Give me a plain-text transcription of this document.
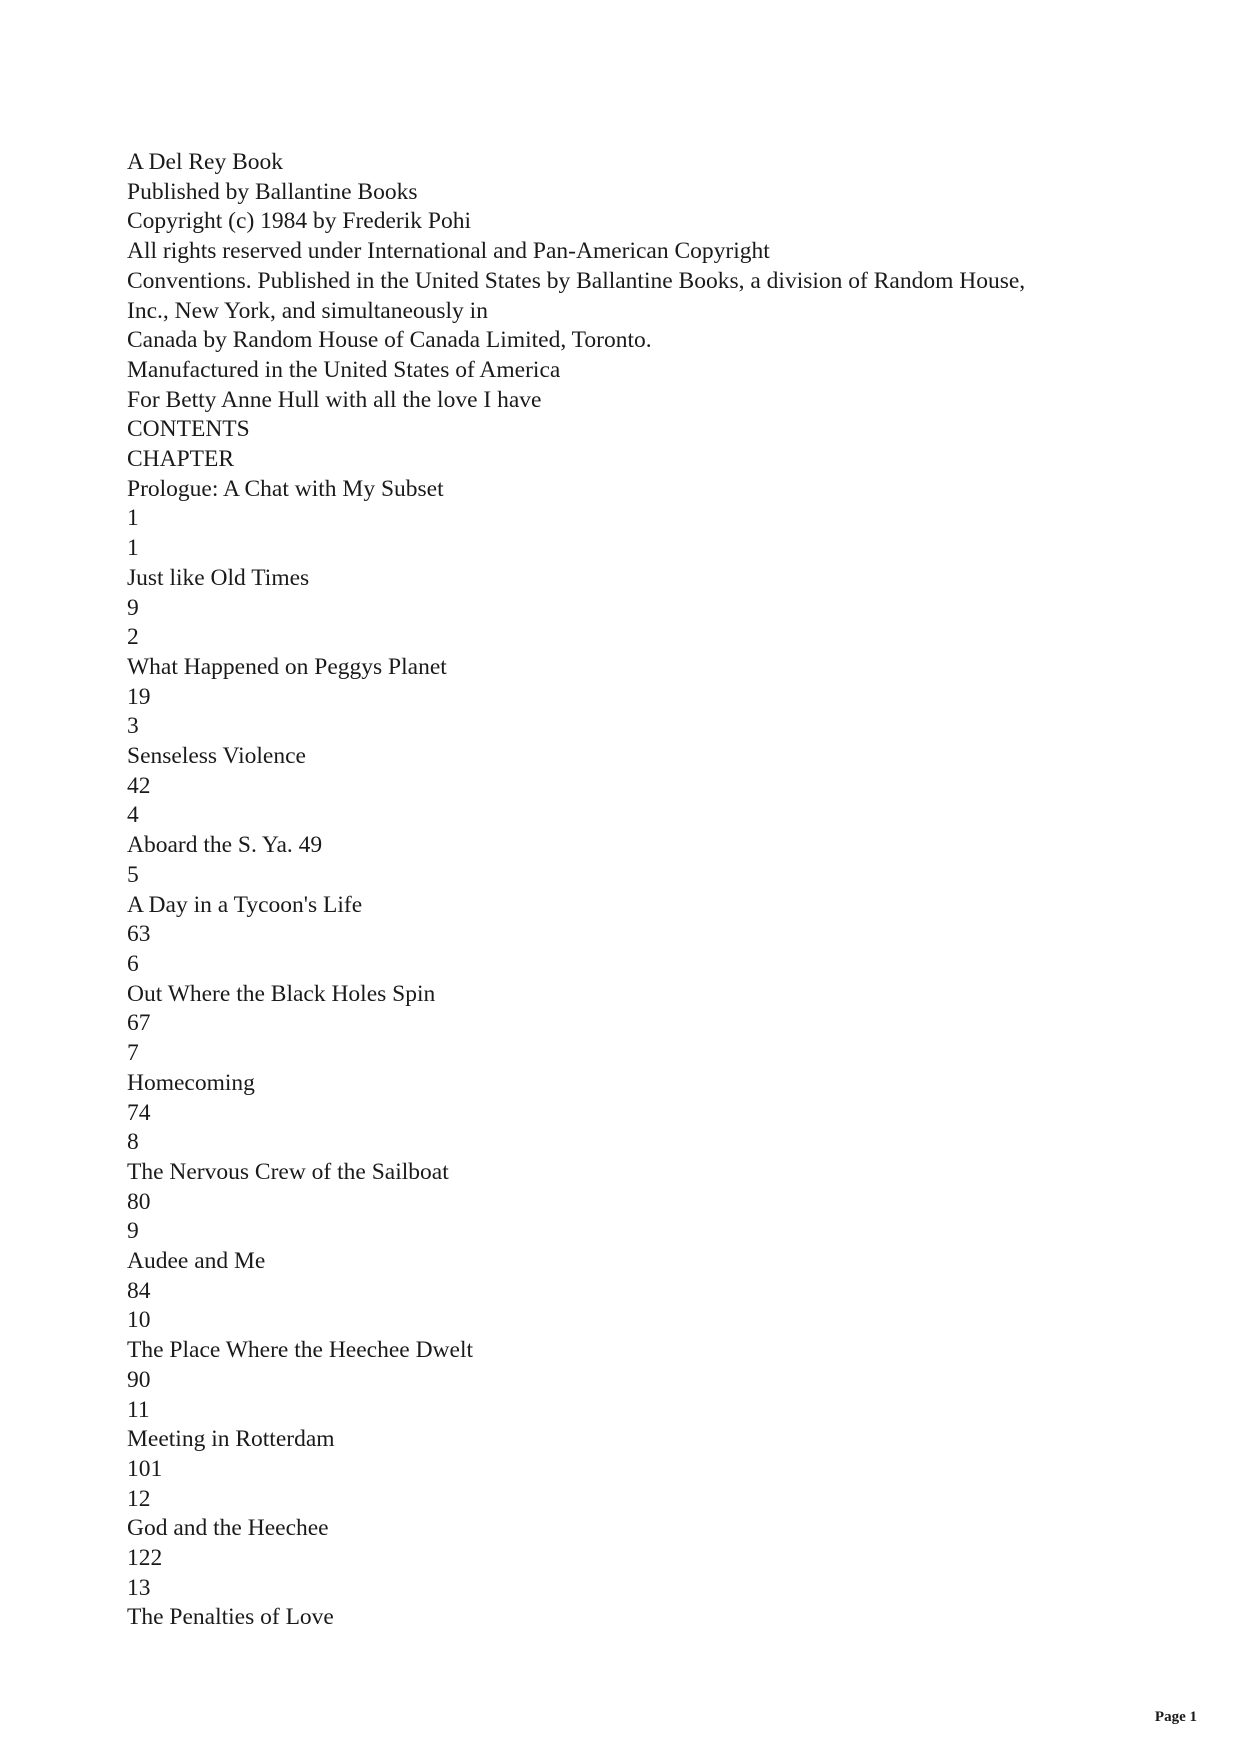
A Del Rey Book
Published by Ballantine Books
Copyright (c) 1984 by Frederik Pohi
All rights reserved under International and Pan-American Copyright
Conventions. Published in the United States by Ballantine Books, a division of Random House,
Inc., New York, and simultaneously in
Canada by Random House of Canada Limited, Toronto.
Manufactured in the United States of America
For Betty Anne Hull with all the love I have
CONTENTS
CHAPTER
Prologue: A Chat with My Subset
1
1
Just like Old Times
9
2
What Happened on Peggys Planet
19
3
Senseless Violence
42
4
Aboard the S. Ya. 49
5
A Day in a Tycoon's Life
63
6
Out Where the Black Holes Spin
67
7
Homecoming
74
8
The Nervous Crew of the Sailboat
80
9
Audee and Me
84
10
The Place Where the Heechee Dwelt
90
11
Meeting in Rotterdam
101
12
God and the Heechee
122
13
The Penalties of Love
Page 1
